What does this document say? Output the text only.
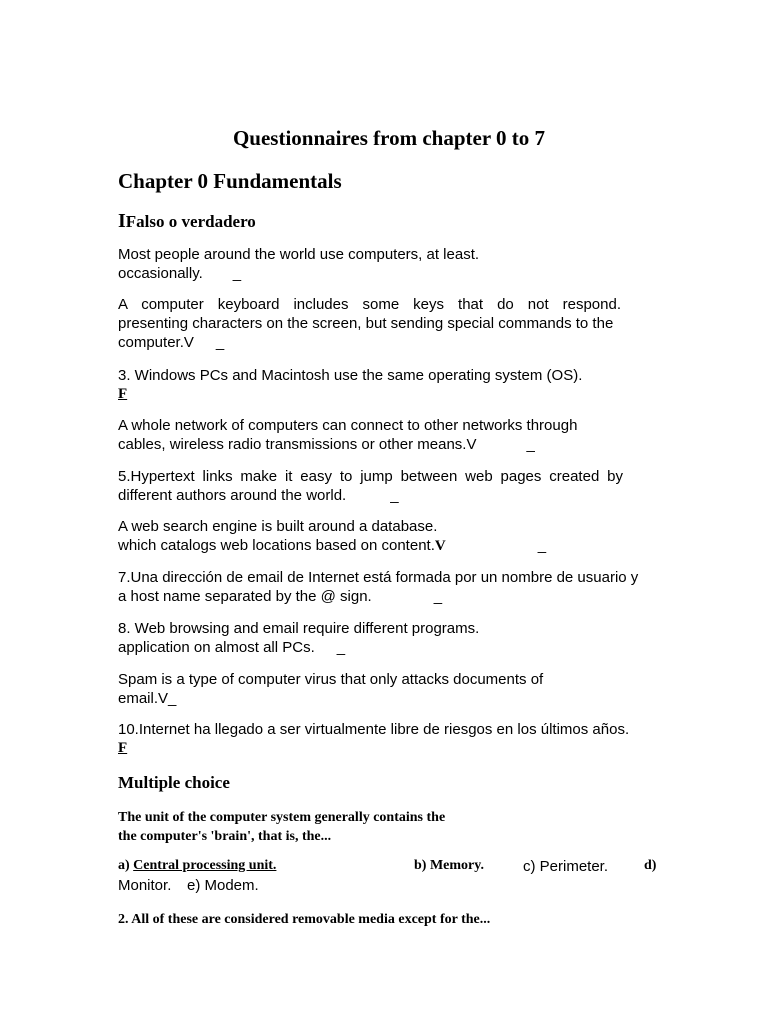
Questionnaires from chapter 0 to 7
Chapter 0 Fundamentals
IFalso o verdadero
Most people around the world use computers, at least.
occasionally. _
A computer keyboard includes some keys that do not respond.
presenting characters on the screen, but sending special commands to the
computer.V _
3. Windows PCs and Macintosh use the same operating system (OS).
F
A whole network of computers can connect to other networks through
cables, wireless radio transmissions or other means.V	_
5.Hypertext links make it easy to jump between web pages created by
different authors around the world.	_
A web search engine is built around a database.
which catalogs web locations based on content.V	_
7.Una dirección de email de Internet está formada por un nombre de usuario y
a host name separated by the @ sign.	_
8. Web browsing and email require different programs.
application on almost all PCs. _
Spam is a type of computer virus that only attacks documents of
email.V_
10.Internet ha llegado a ser virtualmente libre de riesgos en los últimos años.
F
Multiple choice
The unit of the computer system generally contains the
the computer's 'brain', that is, the...
a) Central processing unit.	b) Memory.	c) Perimeter.	d)
Monitor. e) Modem.
2. All of these are considered removable media except for the...
